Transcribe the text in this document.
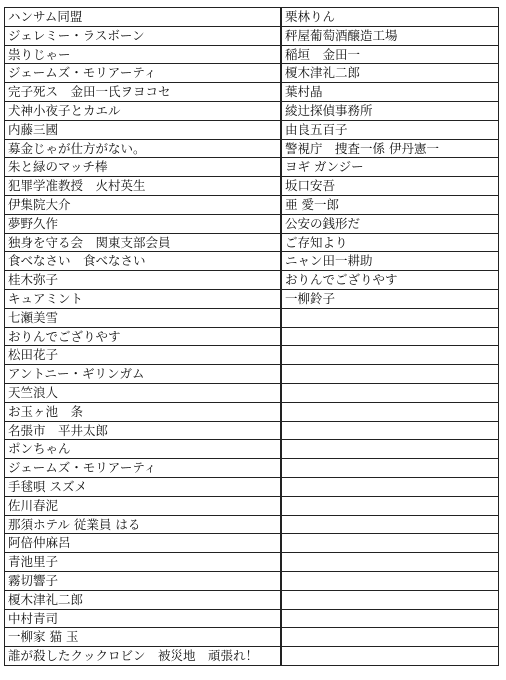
ハンサム同盟
ジェレミー・ラスボーン
祟りじゃー
ジェームズ・モリアーティ
完子死ス　金田一氏ヲヨコセ
犬神小夜子とカエル
内藤三國
募金じゃが仕方がない。
朱と緑のマッチ棒
犯罪学准教授　火村英生
伊集院大介
夢野久作
独身を守る会　関東支部会員
食べなさい　食べなさい
桂木弥子
キュアミント
七瀬美雪
おりんでござりやす
松田花子
アントニー・ギリンガム
天竺浪人
お玉ヶ池　条
名張市　平井太郎
ポンちゃん
ジェームズ・モリアーティ
手毬唄 スズメ
佐川春泥
那須ホテル 従業員 はる
阿倍仲麻呂
青池里子
霧切響子
榎木津礼二郎
中村青司
一柳家 猫 玉
誰が殺したクックロビン　被災地　頑張れ！
栗林りん
秤屋葡萄酒醸造工場
稲垣　金田一
榎木津礼二郎
葉村晶
綾辻探偵事務所
由良五百子
警視庁　捜査一係 伊丹憲一
ヨギ ガンジー
坂口安吾
亜 愛一郎
公安の銭形だ
ご存知より
ニャン田一耕助
おりんでござりやす
一柳鈴子
